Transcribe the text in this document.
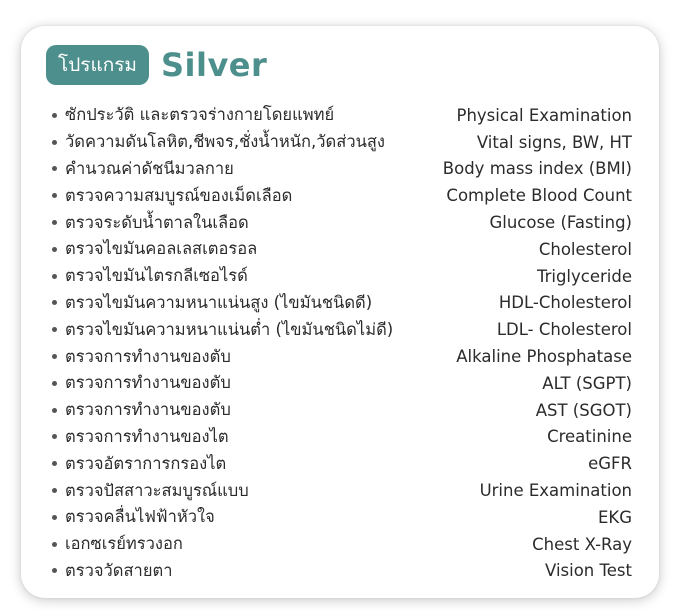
โปรแกรม Silver
ซักประวัติ และตรวจร่างกายโดยแพทย์	Physical Examination
วัดความดันโลหิต,ชีพจร,ชั่งน้ำหนัก,วัดส่วนสูง	Vital signs, BW, HT
คำนวณค่าดัชนีมวลกาย	Body mass index (BMI)
ตรวจความสมบูรณ์ของเม็ดเลือด	Complete Blood Count
ตรวจระดับน้ำตาลในเลือด	Glucose (Fasting)
ตรวจไขมันคอลเลสเตอรอล	Cholesterol
ตรวจไขมันไตรกลีเซอไรด์	Triglyceride
ตรวจไขมันความหนาแน่นสูง (ไขมันชนิดดี)	HDL-Cholesterol
ตรวจไขมันความหนาแน่นต่ำ (ไขมันชนิดไม่ดี)	LDL- Cholesterol
ตรวจการทำงานของตับ	Alkaline Phosphatase
ตรวจการทำงานของตับ	ALT (SGPT)
ตรวจการทำงานของตับ	AST (SGOT)
ตรวจการทำงานของไต	Creatinine
ตรวจอัตราการกรองไต	eGFR
ตรวจปัสสาวะสมบูรณ์แบบ	Urine Examination
ตรวจคลื่นไฟฟ้าหัวใจ	EKG
เอกซเรย์ทรวงอก	Chest X-Ray
ตรวจวัดสายตา	Vision Test
